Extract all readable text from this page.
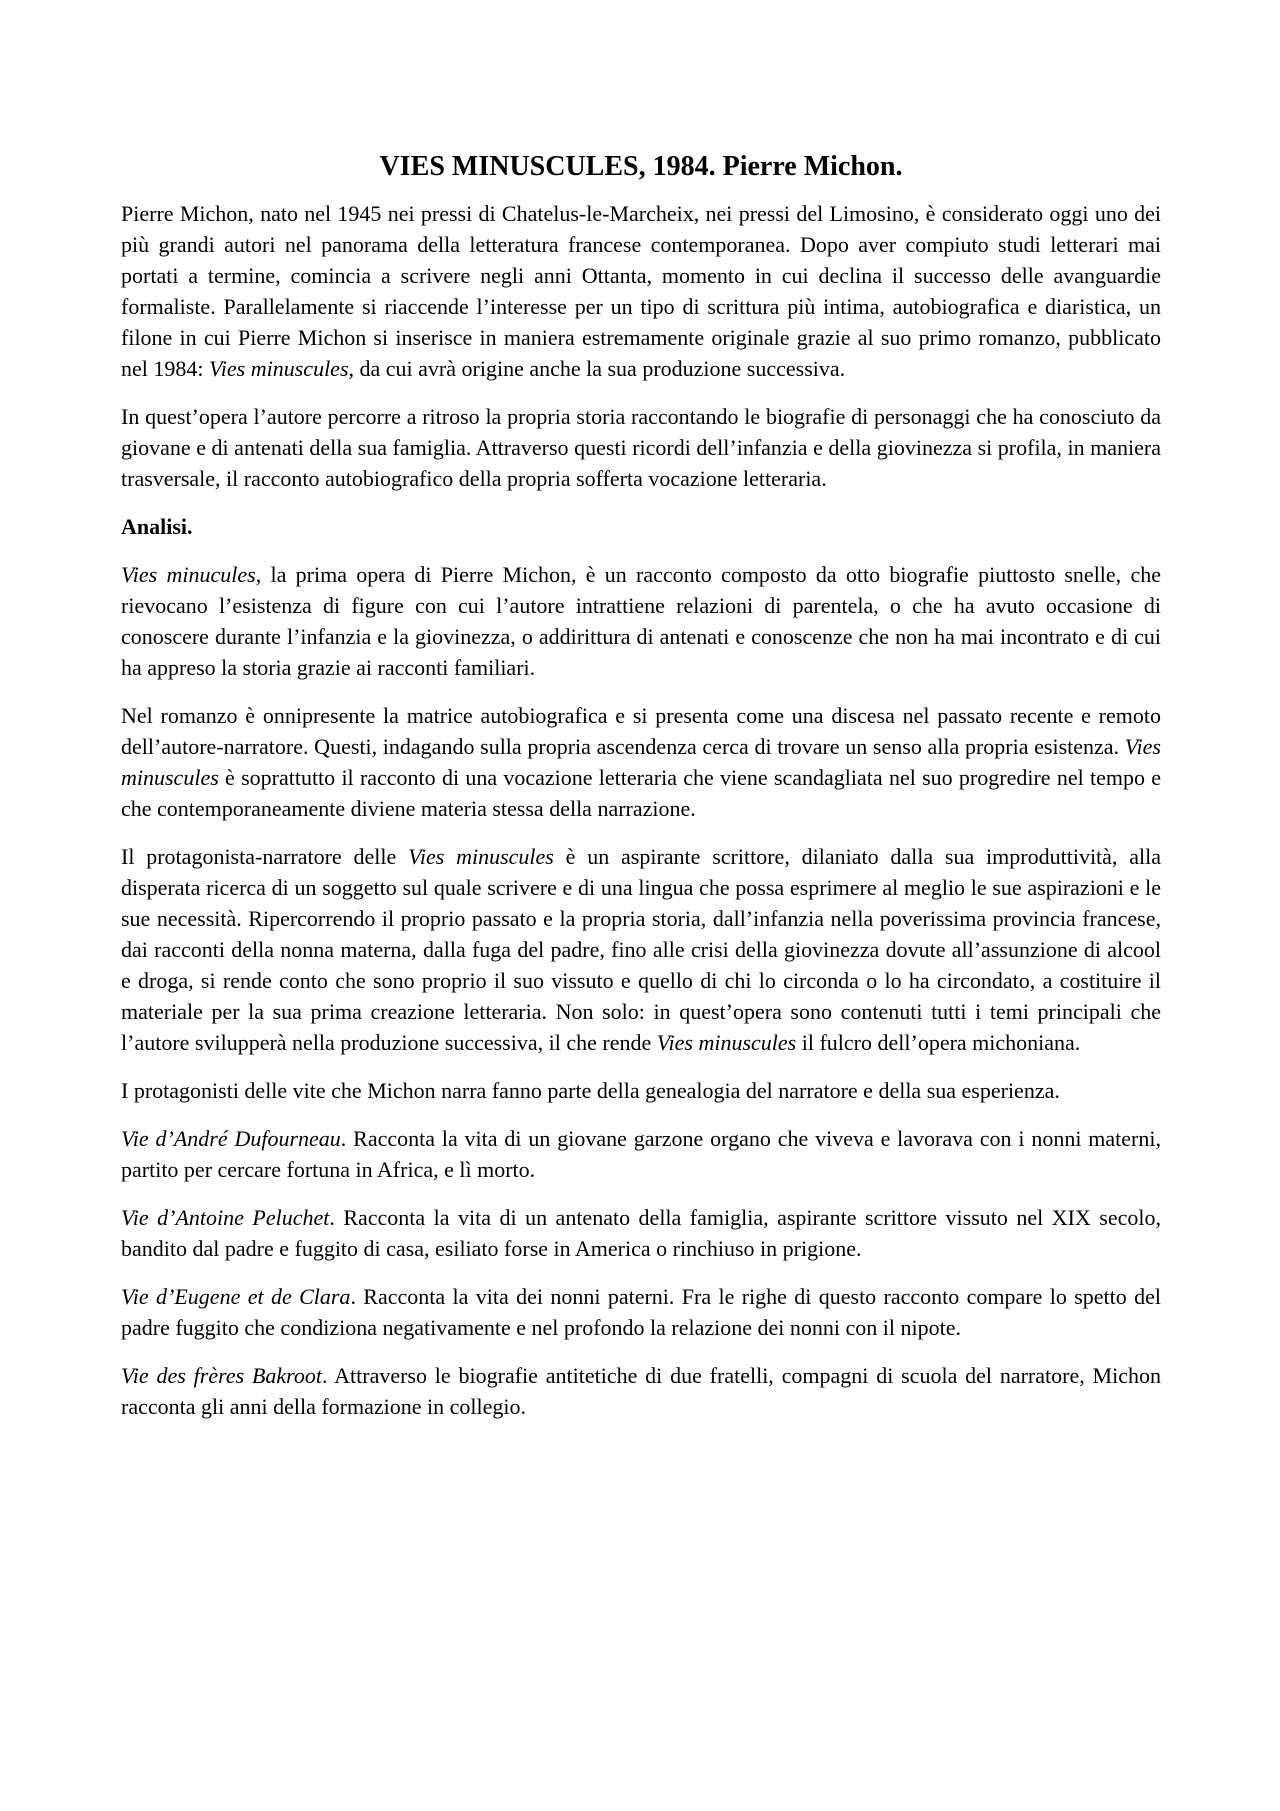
VIES MINUSCULES, 1984. Pierre Michon.

Pierre Michon, nato nel 1945 nei pressi di Chatelus-le-Marcheix, nei pressi del Limosino, è considerato oggi uno dei più grandi autori nel panorama della letteratura francese contemporanea. Dopo aver compiuto studi letterari mai portati a termine, comincia a scrivere negli anni Ottanta, momento in cui declina il successo delle avanguardie formaliste. Parallelamente si riaccende l’interesse per un tipo di scrittura più intima, autobiografica e diaristica, un filone in cui Pierre Michon si inserisce in maniera estremamente originale grazie al suo primo romanzo, pubblicato nel 1984: Vies minuscules, da cui avrà origine anche la sua produzione successiva.

In quest’opera l’autore percorre a ritroso la propria storia raccontando le biografie di personaggi che ha conosciuto da giovane e di antenati della sua famiglia. Attraverso questi ricordi dell’infanzia e della giovinezza si profila, in maniera trasversale, il racconto autobiografico della propria sofferta vocazione letteraria.

Analisi.

Vies minucules, la prima opera di Pierre Michon, è un racconto composto da otto biografie piuttosto snelle, che rievocano l’esistenza di figure con cui l’autore intrattiene relazioni di parentela, o che ha avuto occasione di conoscere durante l’infanzia e la giovinezza, o addirittura di antenati e conoscenze che non ha mai incontrato e di cui ha appreso la storia grazie ai racconti familiari.

Nel romanzo è onnipresente la matrice autobiografica e si presenta come una discesa nel passato recente e remoto dell’autore-narratore. Questi, indagando sulla propria ascendenza cerca di trovare un senso alla propria esistenza. Vies minuscules è soprattutto il racconto di una vocazione letteraria che viene scandagliata nel suo progredire nel tempo e che contemporaneamente diviene materia stessa della narrazione.

Il protagonista-narratore delle Vies minuscules è un aspirante scrittore, dilaniato dalla sua improduttività, alla disperata ricerca di un soggetto sul quale scrivere e di una lingua che possa esprimere al meglio le sue aspirazioni e le sue necessità. Ripercorrendo il proprio passato e la propria storia, dall’infanzia nella poverissima provincia francese, dai racconti della nonna materna, dalla fuga del padre, fino alle crisi della giovinezza dovute all’assunzione di alcool e droga, si rende conto che sono proprio il suo vissuto e quello di chi lo circonda o lo ha circondato, a costituire il materiale per la sua prima creazione letteraria. Non solo: in quest’opera sono contenuti tutti i temi principali che l’autore svilupperà nella produzione successiva, il che rende Vies minuscules il fulcro dell’opera michoniana.

I protagonisti delle vite che Michon narra fanno parte della genealogia del narratore e della sua esperienza.

Vie d’André Dufourneau. Racconta la vita di un giovane garzone organo che viveva e lavorava con i nonni materni, partito per cercare fortuna in Africa, e lì morto.

Vie d’Antoine Peluchet. Racconta la vita di un antenato della famiglia, aspirante scrittore vissuto nel XIX secolo, bandito dal padre e fuggito di casa, esiliato forse in America o rinchiuso in prigione.

Vie d’Eugene et de Clara. Racconta la vita dei nonni paterni. Fra le righe di questo racconto compare lo spetto del padre fuggito che condiziona negativamente e nel profondo la relazione dei nonni con il nipote.

Vie des frères Bakroot. Attraverso le biografie antitetiche di due fratelli, compagni di scuola del narratore, Michon racconta gli anni della formazione in collegio.
